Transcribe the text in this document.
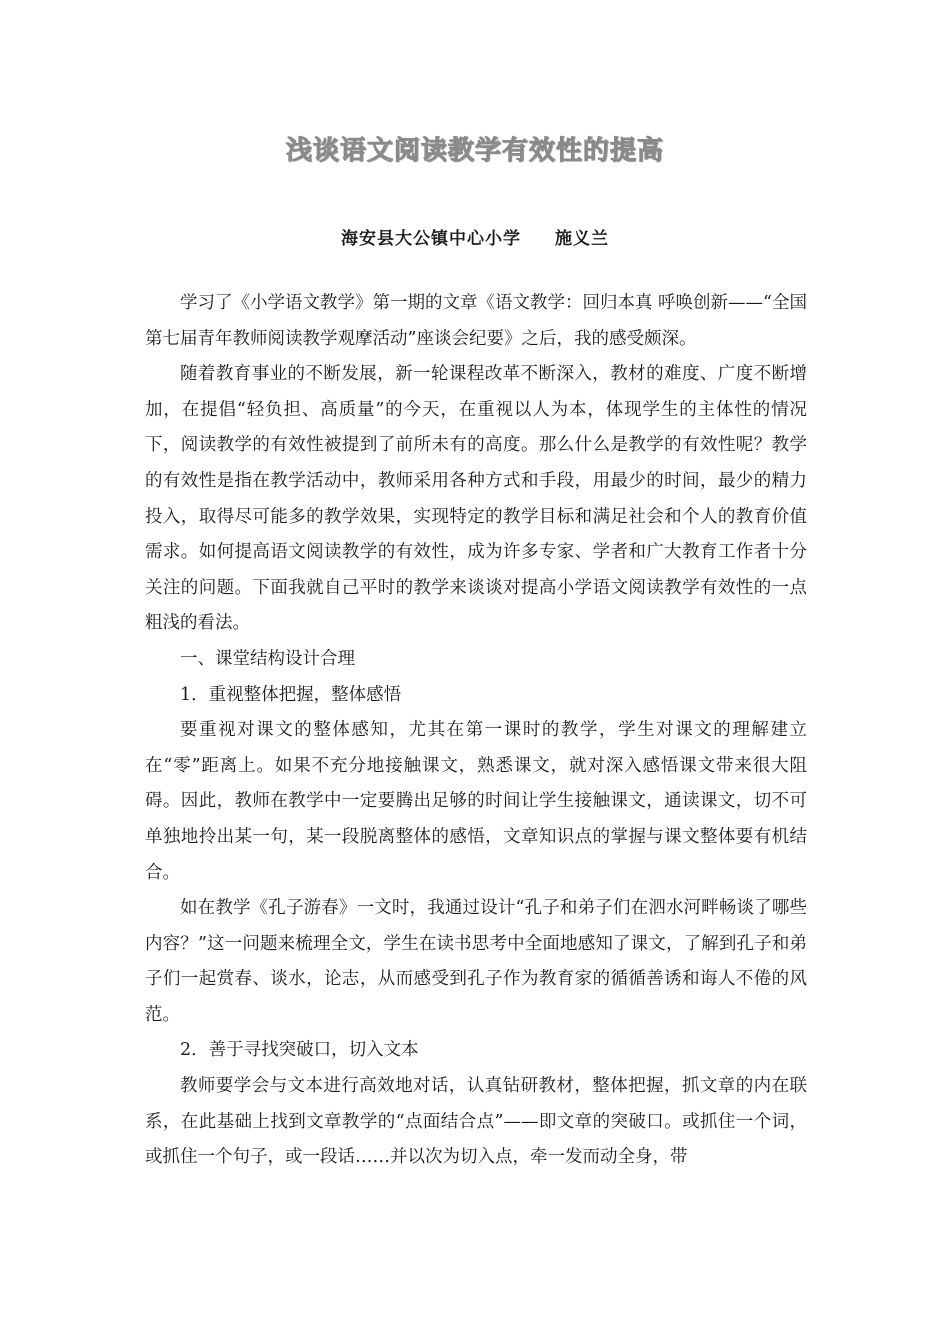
浅谈语文阅读教学有效性的提高
海安县大公镇中心小学 施义兰

学习了《小学语文教学》第一期的文章《语文教学：回归本真 呼唤创新——“全国第七届青年教师阅读教学观摩活动”座谈会纪要》之后，我的感受颇深。

随着教育事业的不断发展，新一轮课程改革不断深入，教材的难度、广度不断增加，在提倡“轻负担、高质量”的今天，在重视以人为本，体现学生的主体性的情况下，阅读教学的有效性被提到了前所未有的高度。那么什么是教学的有效性呢？教学的有效性是指在教学活动中，教师采用各种方式和手段，用最少的时间，最少的精力投入，取得尽可能多的教学效果，实现特定的教学目标和满足社会和个人的教育价值需求。如何提高语文阅读教学的有效性，成为许多专家、学者和广大教育工作者十分关注的问题。下面我就自己平时的教学来谈谈对提高小学语文阅读教学有效性的一点粗浅的看法。

一、课堂结构设计合理

1．重视整体把握，整体感悟

要重视对课文的整体感知，尤其在第一课时的教学，学生对课文的理解建立在“零”距离上。如果不充分地接触课文，熟悉课文，就对深入感悟课文带来很大阻碍。因此，教师在教学中一定要腾出足够的时间让学生接触课文，通读课文，切不可单独地拎出某一句，某一段脱离整体的感悟，文章知识点的掌握与课文整体要有机结合。

如在教学《孔子游春》一文时，我通过设计“孔子和弟子们在泗水河畔畅谈了哪些内容？”这一问题来梳理全文，学生在读书思考中全面地感知了课文，了解到孔子和弟子们一起赏春、谈水，论志，从而感受到孔子作为教育家的循循善诱和诲人不倦的风范。

2．善于寻找突破口，切入文本

教师要学会与文本进行高效地对话，认真钻研教材，整体把握，抓文章的内在联系，在此基础上找到文章教学的“点面结合点”——即文章的突破口。或抓住一个词，或抓住一个句子，或一段话……并以次为切入点，牵一发而动全身，带
